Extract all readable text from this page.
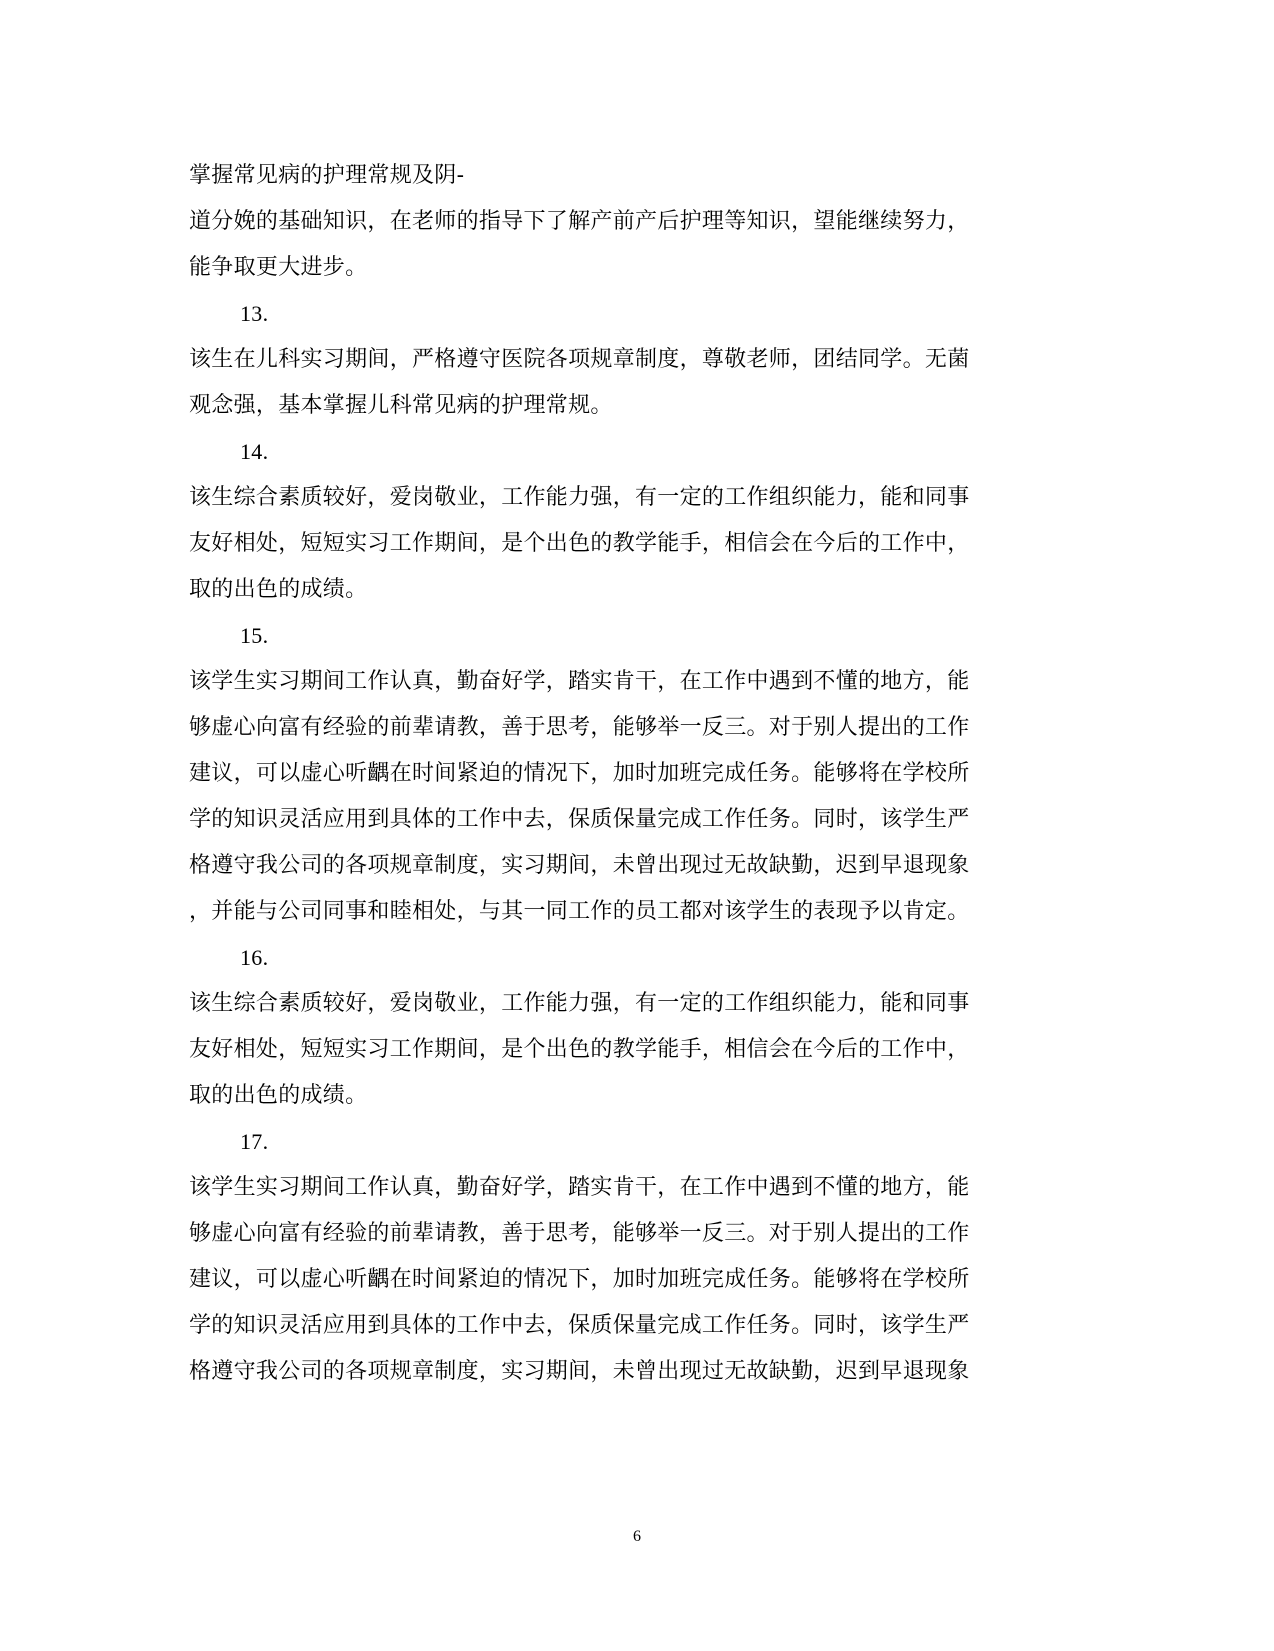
掌握常见病的护理常规及阴-
道分娩的基础知识，在老师的指导下了解产前产后护理等知识，望能继续努力，
能争取更大进步。
13.
该生在儿科实习期间，严格遵守医院各项规章制度，尊敬老师，团结同学。无菌
观念强，基本掌握儿科常见病的护理常规。
14.
该生综合素质较好，爱岗敬业，工作能力强，有一定的工作组织能力，能和同事
友好相处，短短实习工作期间，是个出色的教学能手，相信会在今后的工作中，
取的出色的成绩。
15.
该学生实习期间工作认真，勤奋好学，踏实肯干，在工作中遇到不懂的地方，能
够虚心向富有经验的前辈请教，善于思考，能够举一反三。对于别人提出的工作
建议，可以虚心听齵在时间紧迫的情况下，加时加班完成任务。能够将在学校所
学的知识灵活应用到具体的工作中去，保质保量完成工作任务。同时，该学生严
格遵守我公司的各项规章制度，实习期间，未曾出现过无故缺勤，迟到早退现象
，并能与公司同事和睦相处，与其一同工作的员工都对该学生的表现予以肯定。
16.
该生综合素质较好，爱岗敬业，工作能力强，有一定的工作组织能力，能和同事
友好相处，短短实习工作期间，是个出色的教学能手，相信会在今后的工作中，
取的出色的成绩。
17.
该学生实习期间工作认真，勤奋好学，踏实肯干，在工作中遇到不懂的地方，能
够虚心向富有经验的前辈请教，善于思考，能够举一反三。对于别人提出的工作
建议，可以虚心听齵在时间紧迫的情况下，加时加班完成任务。能够将在学校所
学的知识灵活应用到具体的工作中去，保质保量完成工作任务。同时，该学生严
格遵守我公司的各项规章制度，实习期间，未曾出现过无故缺勤，迟到早退现象
6
